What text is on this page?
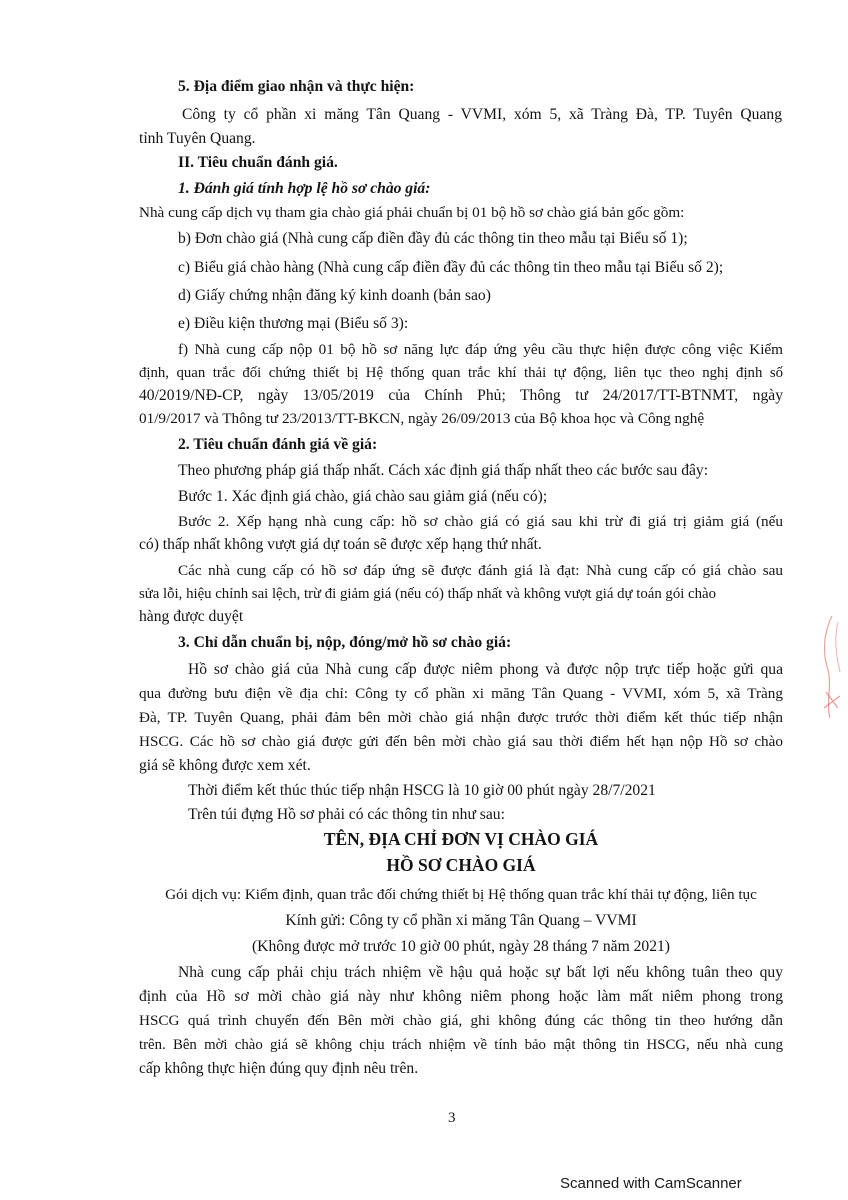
5. Địa điểm giao nhận và thực hiện:

Công ty cổ phần xi măng Tân Quang - VVMI, xóm 5, xã Tràng Đà, TP. Tuyên Quang

tỉnh Tuyên Quang.

II. Tiêu chuẩn đánh giá.

1. Đánh giá tính hợp lệ hồ sơ chào giá:

Nhà cung cấp dịch vụ tham gia chào giá phải chuẩn bị 01 bộ hồ sơ chào giá bản gốc gồm:

b) Đơn chào giá (Nhà cung cấp điền đầy đủ các thông tin theo mẫu tại Biểu số 1);

c) Biểu giá chào hàng (Nhà cung cấp điền đầy đủ các thông tin theo mẫu tại Biểu số 2);

d) Giấy chứng nhận đăng ký kinh doanh (bản sao)

e) Điều kiện thương mại (Biểu số 3):

f) Nhà cung cấp nộp 01 bộ hồ sơ năng lực đáp ứng yêu cầu thực hiện được công việc Kiểm

định, quan trắc đối chứng thiết bị Hệ thống quan trắc khí thải tự động, liên tục theo nghị định số

40/2019/NĐ-CP, ngày 13/05/2019 của Chính Phủ; Thông tư 24/2017/TT-BTNMT, ngày

01/9/2017 và Thông tư 23/2013/TT-BKCN, ngày 26/09/2013 của Bộ khoa học và Công nghệ

2. Tiêu chuẩn đánh giá về giá:

Theo phương pháp giá thấp nhất. Cách xác định giá thấp nhất theo các bước sau đây:

Bước 1. Xác định giá chào, giá chào sau giảm giá (nếu có);

Bước 2. Xếp hạng nhà cung cấp: hồ sơ chào giá có giá sau khi trừ đi giá trị giảm giá (nếu

có) thấp nhất không vượt giá dự toán sẽ được xếp hạng thứ nhất.

Các nhà cung cấp có hồ sơ đáp ứng sẽ được đánh giá là đạt: Nhà cung cấp có giá chào sau

sửa lỗi, hiệu chỉnh sai lệch, trừ đi giảm giá (nếu có) thấp nhất và không vượt giá dự toán gói chào

hàng được duyệt

3. Chỉ dẫn chuẩn bị, nộp, đóng/mở hồ sơ chào giá:

Hồ sơ chào giá của Nhà cung cấp được niêm phong và được nộp trực tiếp hoặc gửi qua

qua đường bưu điện về địa chỉ: Công ty cổ phần xi măng Tân Quang - VVMI, xóm 5, xã Tràng

Đà, TP. Tuyên Quang, phải đảm bên mời chào giá nhận được trước thời điểm kết thúc tiếp nhận

HSCG. Các hồ sơ chào giá được gửi đến bên mời chào giá sau thời điểm hết hạn nộp Hồ sơ chào

giá sẽ không được xem xét.

Thời điểm kết thúc thúc tiếp nhận HSCG là 10 giờ 00 phút ngày 28/7/2021

Trên túi đựng Hồ sơ phải có các thông tin như sau:

TÊN, ĐỊA CHỈ ĐƠN VỊ CHÀO GIÁ

HỒ SƠ CHÀO GIÁ

Gói dịch vụ: Kiểm định, quan trắc đối chứng thiết bị Hệ thống quan trắc khí thải tự động, liên tục

Kính gửi: Công ty cổ phần xi măng Tân Quang – VVMI

(Không được mở trước 10 giờ 00 phút, ngày 28 tháng 7 năm 2021)

Nhà cung cấp phải chịu trách nhiệm về hậu quả hoặc sự bất lợi nếu không tuân theo quy

định của Hồ sơ mời chào giá này như không niêm phong hoặc làm mất niêm phong trong

HSCG quá trình chuyển đến Bên mời chào giá, ghi không đúng các thông tin theo hướng dẫn

trên. Bên mời chào giá sẽ không chịu trách nhiệm về tính bảo mật thông tin HSCG, nếu nhà cung

cấp không thực hiện đúng quy định nêu trên.

3
Scanned with CamScanner
